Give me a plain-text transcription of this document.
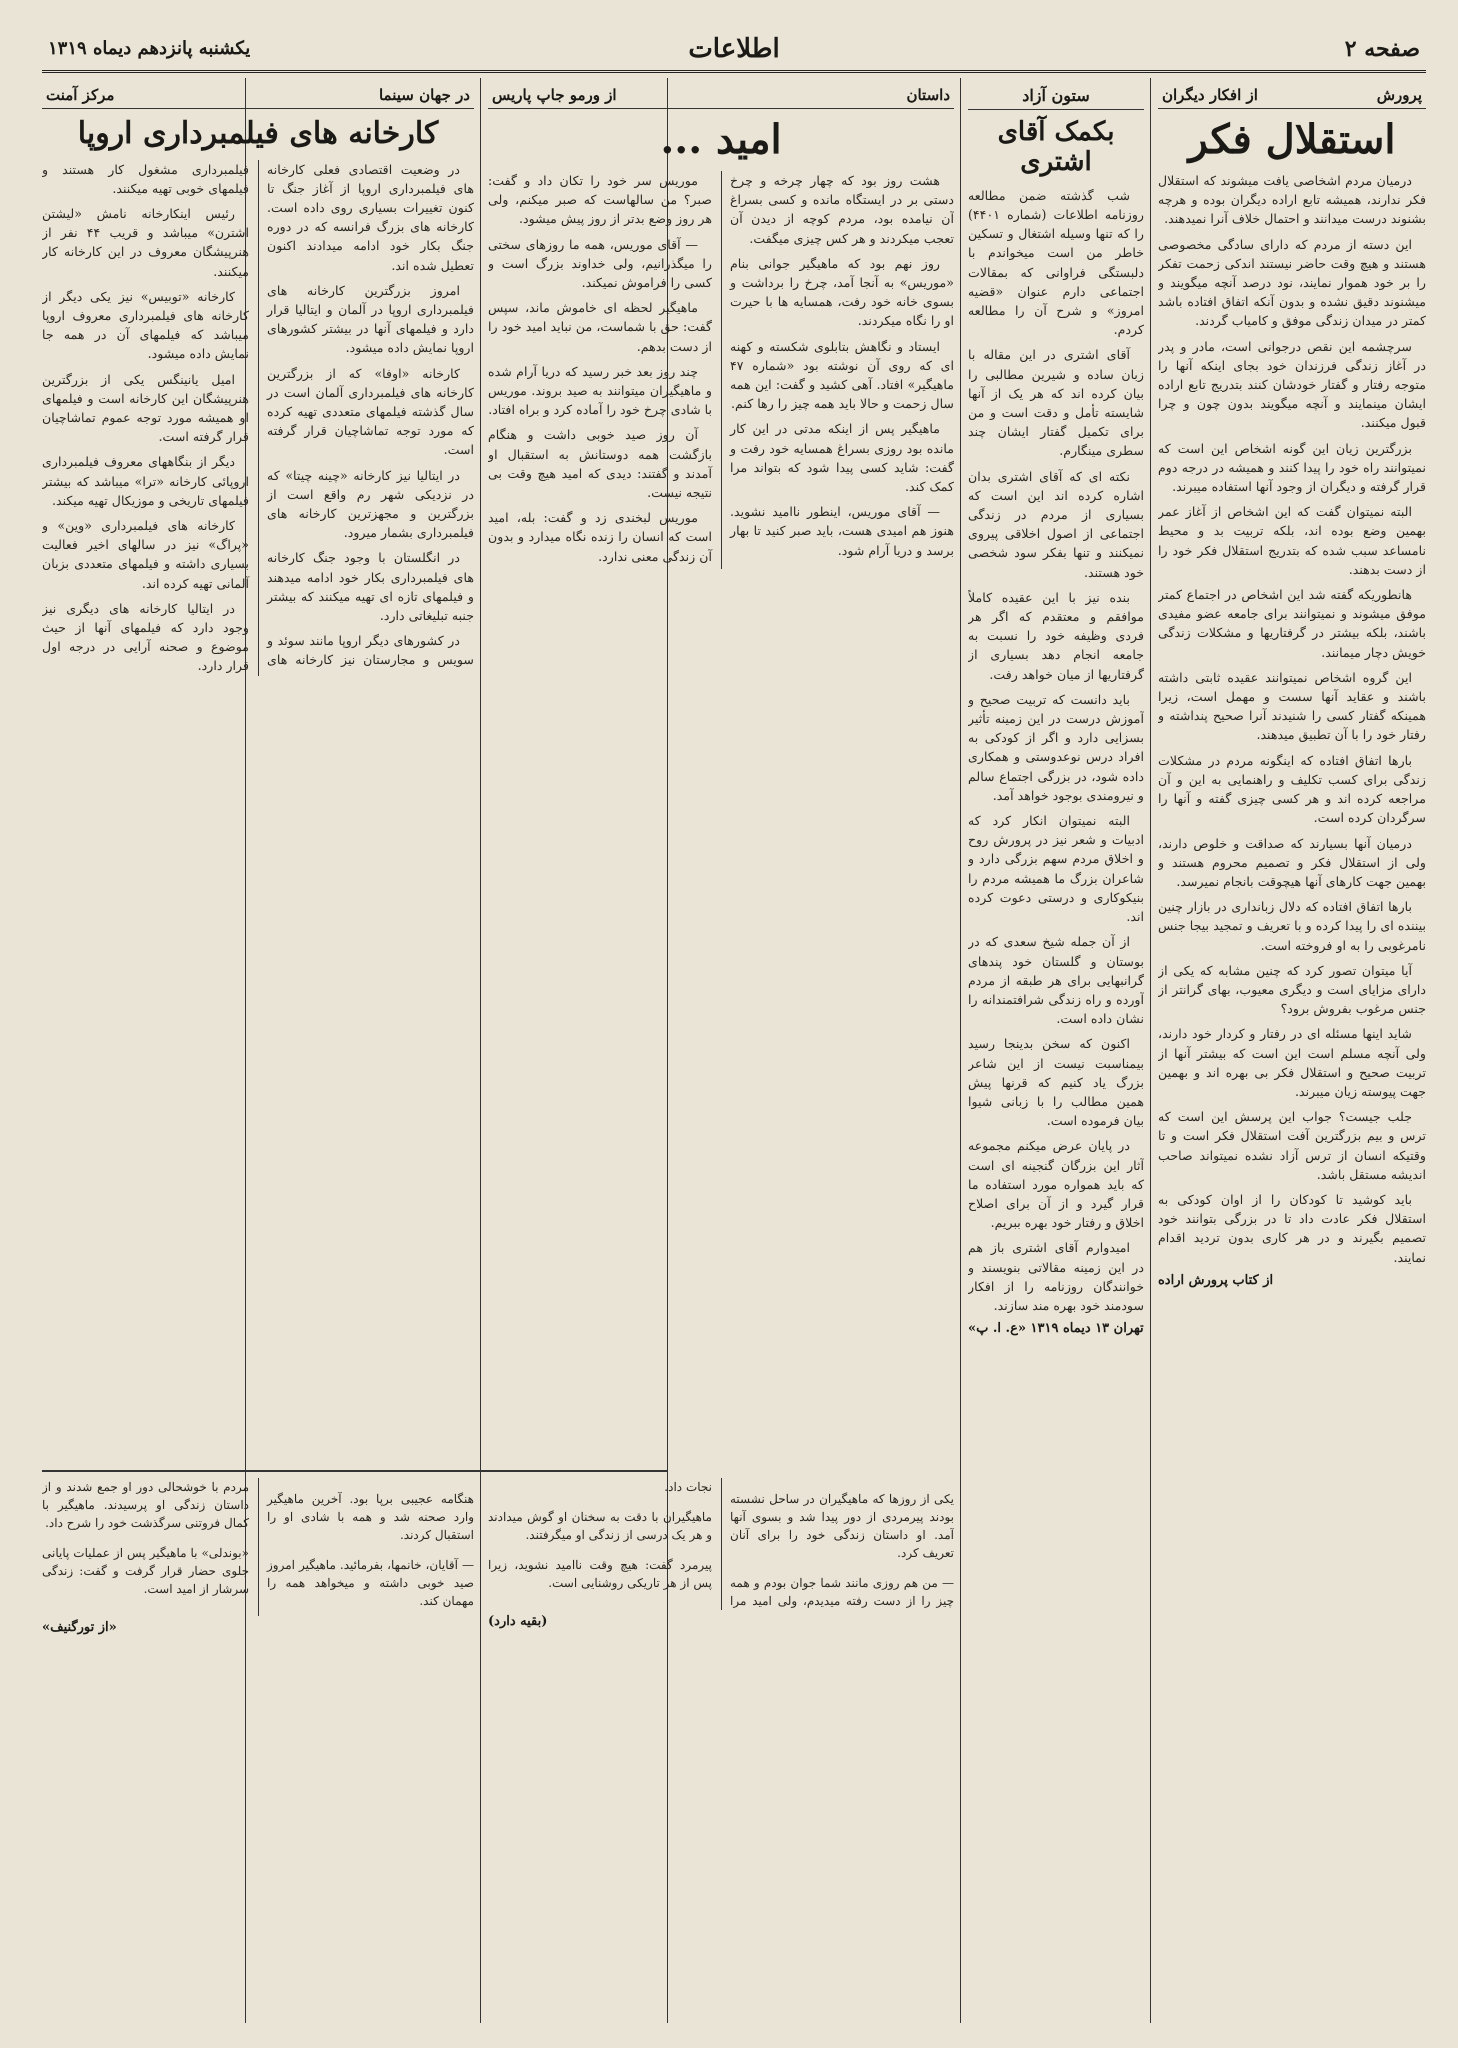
صفحه ۲
اطلاعات
یکشنبه پانزدهم دیماه ۱۳۱۹
پرورش
از افکار دیگران
استقلال فکر

درمیان مردم اشخاصی یافت میشوند که استقلال فکر ندارند، همیشه تابع اراده دیگران بوده و هرچه بشنوند درست میدانند و احتمال خلاف آنرا نمیدهند.

این دسته از مردم که دارای سادگی مخصوصی هستند و هیچ وقت حاضر نیستند اندکی زحمت تفکر را بر خود هموار نمایند، نود درصد آنچه میگویند و میشنوند دقیق نشده و بدون آنکه اتفاق افتاده باشد کمتر در میدان زندگی موفق و کامیاب گردند.

سرچشمه این نقص درجوانی است، مادر و پدر در آغاز زندگی فرزندان خود بجای اینکه آنها را متوجه رفتار و گفتار خودشان کنند بتدریج تابع اراده ایشان مینمایند و آنچه میگویند بدون چون و چرا قبول میکنند.

بزرگترین زیان این گونه اشخاص این است که نمیتوانند راه خود را پیدا کنند و همیشه در درجه دوم قرار گرفته و دیگران از وجود آنها استفاده میبرند.

البته نمیتوان گفت که این اشخاص از آغاز عمر بهمین وضع بوده اند، بلکه تربیت بد و محیط نامساعد سبب شده که بتدریج استقلال فکر خود را از دست بدهند.

هانطوریکه گفته شد این اشخاص در اجتماع کمتر موفق میشوند و نمیتوانند برای جامعه عضو مفیدی باشند، بلکه بیشتر در گرفتاریها و مشکلات زندگی خویش دچار میمانند.

این گروه اشخاص نمیتوانند عقیده ثابتی داشته باشند و عقاید آنها سست و مهمل است، زیرا همینکه گفتار کسی را شنیدند آنرا صحیح پنداشته و رفتار خود را با آن تطبیق میدهند.

بارها اتفاق افتاده که اینگونه مردم در مشکلات زندگی برای کسب تکلیف و راهنمایی به این و آن مراجعه کرده اند و هر کسی چیزی گفته و آنها را سرگردان کرده است.

درمیان آنها بسیارند که صداقت و خلوص دارند، ولی از استقلال فکر و تصمیم محروم هستند و بهمین جهت کارهای آنها هیچوقت بانجام نمیرسد.

بارها اتفاق افتاده که دلال زبانداری در بازار چنین بیننده ای را پیدا کرده و با تعریف و تمجید بیجا جنس نامرغوبی را به او فروخته است.

آیا میتوان تصور کرد که چنین مشابه که یکی از دارای مزایای است و دیگری معیوب، بهای گرانتر از جنس مرغوب بفروش برود؟

شاید اینها مسئله ای در رفتار و کردار خود دارند، ولی آنچه مسلم است این است که بیشتر آنها از تربیت صحیح و استقلال فکر بی بهره اند و بهمین جهت پیوسته زیان میبرند.

جلب جیست؟ جواب این پرسش این است که ترس و بیم بزرگترین آفت استقلال فکر است و تا وقتیکه انسان از ترس آزاد نشده نمیتواند صاحب اندیشه مستقل باشد.

باید کوشید تا کودکان را از اوان کودکی به استقلال فکر عادت داد تا در بزرگی بتوانند خود تصمیم بگیرند و در هر کاری بدون تردید اقدام نمایند.

از کتاب پرورش اراده
ستون آزاد
بکمک آقای اشتری

شب گذشته ضمن مطالعه روزنامه اطلاعات (شماره ۴۴۰۱) را که تنها وسیله اشتغال و تسکین خاطر من است میخواندم با دلبستگی فراوانی که بمقالات اجتماعی دارم عنوان «قضیه امروز» و شرح آن را مطالعه کردم.

آقای اشتری در این مقاله با زبان ساده و شیرین مطالبی را بیان کرده اند که هر یک از آنها شایسته تأمل و دقت است و من برای تکمیل گفتار ایشان چند سطری مینگارم.

نکته ای که آقای اشتری بدان اشاره کرده اند این است که بسیاری از مردم در زندگی اجتماعی از اصول اخلاقی پیروی نمیکنند و تنها بفکر سود شخصی خود هستند.

بنده نیز با این عقیده کاملاً موافقم و معتقدم که اگر هر فردی وظیفه خود را نسبت به جامعه انجام دهد بسیاری از گرفتاریها از میان خواهد رفت.

باید دانست که تربیت صحیح و آموزش درست در این زمینه تأثیر بسزایی دارد و اگر از کودکی به افراد درس نوعدوستی و همکاری داده شود، در بزرگی اجتماع سالم و نیرومندی بوجود خواهد آمد.

البته نمیتوان انکار کرد که ادبیات و شعر نیز در پرورش روح و اخلاق مردم سهم بزرگی دارد و شاعران بزرگ ما همیشه مردم را بنیکوکاری و درستی دعوت کرده اند.

از آن جمله شیخ سعدی که در بوستان و گلستان خود پندهای گرانبهایی برای هر طبقه از مردم آورده و راه زندگی شرافتمندانه را نشان داده است.

اکنون که سخن بدینجا رسید بیمناسبت نیست از این شاعر بزرگ یاد کنیم که قرنها پیش همین مطالب را با زبانی شیوا بیان فرموده است.

در پایان عرض میکنم مجموعه آثار این بزرگان گنجینه ای است که باید همواره مورد استفاده ما قرار گیرد و از آن برای اصلاح اخلاق و رفتار خود بهره ببریم.

امیدوارم آقای اشتری باز هم در این زمینه مقالاتی بنویسند و خوانندگان روزنامه را از افکار سودمند خود بهره مند سازند.

تهران ۱۳ دیماه ۱۳۱۹ «ع. ا. پ»
داستان
از ورمو جاپ پاریس
امید ...

هشت روز بود که چهار چرخه و چرخ دستی بر در ایستگاه مانده و کسی بسراغ آن نیامده بود، مردم کوچه از دیدن آن تعجب میکردند و هر کس چیزی میگفت.

روز نهم بود که ماهیگیر جوانی بنام «موریس» به آنجا آمد، چرخ را برداشت و بسوی خانه خود رفت، همسایه ها با حیرت او را نگاه میکردند.

ایستاد و نگاهش بتابلوی شکسته و کهنه ای که روی آن نوشته بود «شماره ۴۷ ماهیگیر» افتاد. آهی کشید و گفت: این همه سال زحمت و حالا باید همه چیز را رها کنم.

ماهیگیر پس از اینکه مدتی در این کار مانده بود روزی بسراغ همسایه خود رفت و گفت: شاید کسی پیدا شود که بتواند مرا کمک کند.

— آقای موریس، اینطور ناامید نشوید. هنوز هم امیدی هست، باید صبر کنید تا بهار برسد و دریا آرام شود.

موریس سر خود را تکان داد و گفت: صبر؟ من سالهاست که صبر میکنم، ولی هر روز وضع بدتر از روز پیش میشود.

— آقای موریس، همه ما روزهای سختی را میگذرانیم، ولی خداوند بزرگ است و کسی را فراموش نمیکند.

ماهیگیر لحظه ای خاموش ماند، سپس گفت: حق با شماست، من نباید امید خود را از دست بدهم.

چند روز بعد خبر رسید که دریا آرام شده و ماهیگیران میتوانند به صید بروند. موریس با شادی چرخ خود را آماده کرد و براه افتاد.

آن روز صید خوبی داشت و هنگام بازگشت همه دوستانش به استقبال او آمدند و گفتند: دیدی که امید هیچ وقت بی نتیجه نیست.

موریس لبخندی زد و گفت: بله، امید است که انسان را زنده نگاه میدارد و بدون آن زندگی معنی ندارد.

یکی از روزها که ماهیگیران در ساحل نشسته بودند پیرمردی از دور پیدا شد و بسوی آنها آمد. او داستان زندگی خود را برای آنان تعریف کرد.

— من هم روزی مانند شما جوان بودم و همه چیز را از دست رفته میدیدم، ولی امید مرا نجات داد.

ماهیگیران با دقت به سخنان او گوش میدادند و هر یک درسی از زندگی او میگرفتند.

پیرمرد گفت: هیچ وقت ناامید نشوید، زیرا پس از هر تاریکی روشنایی است.

(بقیه دارد)
در جهان سینما
مرکز آمنت
کارخانه های فیلمبرداری اروپا

در وضعیت اقتصادی فعلی کارخانه های فیلمبرداری اروپا از آغاز جنگ تا کنون تغییرات بسیاری روی داده است. کارخانه های بزرگ فرانسه که در دوره جنگ بکار خود ادامه میدادند اکنون تعطیل شده اند.

امروز بزرگترین کارخانه های فیلمبرداری اروپا در آلمان و ایتالیا قرار دارد و فیلمهای آنها در بیشتر کشورهای اروپا نمایش داده میشود.

کارخانه «اوفا» که از بزرگترین کارخانه های فیلمبرداری آلمان است در سال گذشته فیلمهای متعددی تهیه کرده که مورد توجه تماشاچیان قرار گرفته است.

در ایتالیا نیز کارخانه «چینه چیتا» که در نزدیکی شهر رم واقع است از بزرگترین و مجهزترین کارخانه های فیلمبرداری بشمار میرود.

در انگلستان با وجود جنگ کارخانه های فیلمبرداری بکار خود ادامه میدهند و فیلمهای تازه ای تهیه میکنند که بیشتر جنبه تبلیغاتی دارد.

در کشورهای دیگر اروپا مانند سوئد و سویس و مجارستان نیز کارخانه های فیلمبرداری مشغول کار هستند و فیلمهای خوبی تهیه میکنند.

رئیس اینکارخانه نامش «لیشتن اشترن» میباشد و قریب ۴۴ نفر از هنرپیشگان معروف در این کارخانه کار میکنند.

کارخانه «توبیس» نیز یکی دیگر از کارخانه های فیلمبرداری معروف اروپا میباشد که فیلمهای آن در همه جا نمایش داده میشود.

امیل یانینگس یکی از بزرگترین هنرپیشگان این کارخانه است و فیلمهای او همیشه مورد توجه عموم تماشاچیان قرار گرفته است.

دیگر از بنگاههای معروف فیلمبرداری اروپائی کارخانه «ترا» میباشد که بیشتر فیلمهای تاریخی و موزیکال تهیه میکند.

کارخانه های فیلمبرداری «وین» و «پراگ» نیز در سالهای اخیر فعالیت بسیاری داشته و فیلمهای متعددی بزبان آلمانی تهیه کرده اند.

در ایتالیا کارخانه های دیگری نیز وجود دارد که فیلمهای آنها از حیث موضوع و صحنه آرایی در درجه اول قرار دارد.

هنگامه عجیبی برپا بود. آخرین ماهیگیر وارد صحنه شد و همه با شادی او را استقبال کردند.

— آقایان، خانمها، بفرمائید. ماهیگیر امروز صید خوبی داشته و میخواهد همه را مهمان کند.

مردم با خوشحالی دور او جمع شدند و از داستان زندگی او پرسیدند. ماهیگیر با کمال فروتنی سرگذشت خود را شرح داد.

«بوندلی» با ماهیگیر پس از عملیات پایانی جلوی حضار قرار گرفت و گفت: زندگی سرشار از امید است.

«از تورگنیف»
